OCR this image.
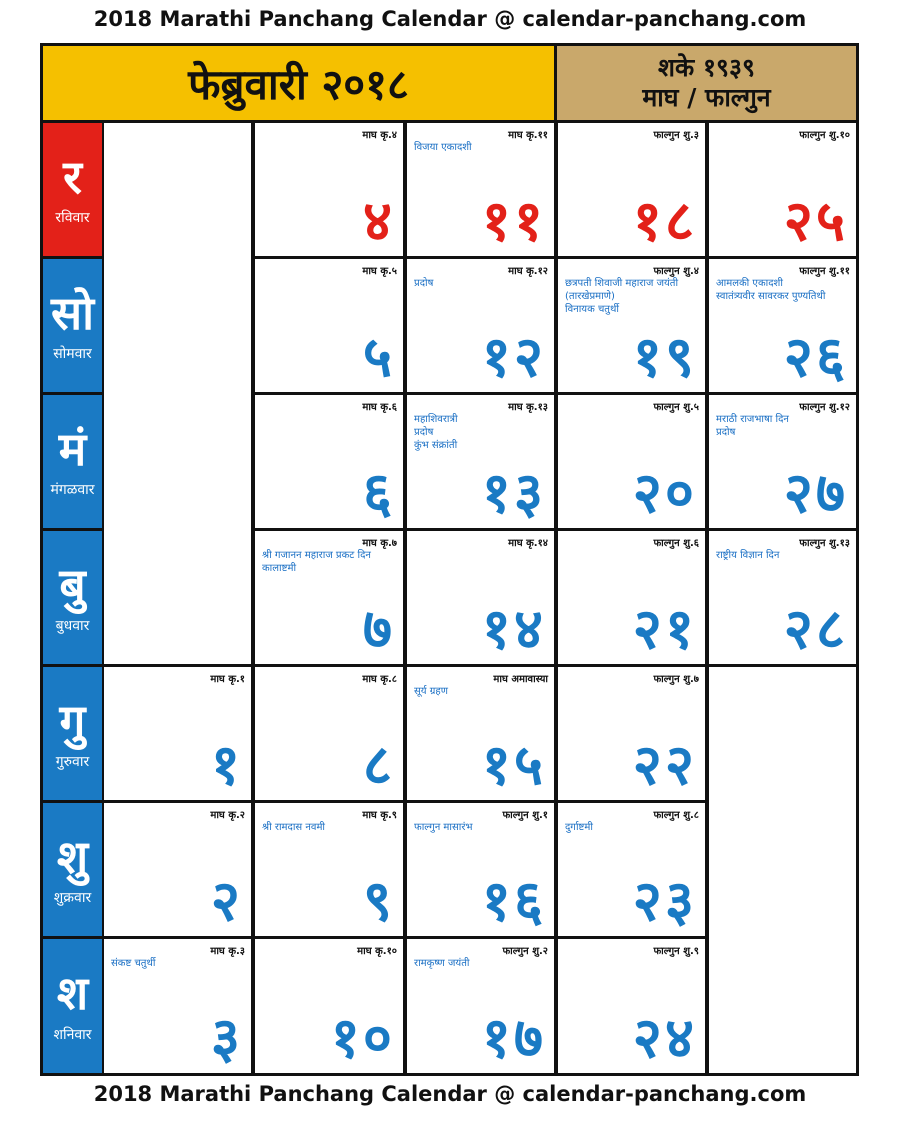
2018 Marathi Panchang Calendar @ calendar-panchang.com
फेब्रुवारी २०१८	शके १९३९
माघ / फाल्गुन
र
रविवार
सो
सोमवार
मं
मंगळवार
बु
बुधवार
गु
गुरुवार
शु
शुक्रवार
श
शनिवार
माघ कृ.४
४
माघ कृ.११
विजया एकादशी
११
फाल्गुन शु.३
१८
फाल्गुन शु.१०
२५
माघ कृ.५
५
माघ कृ.१२
प्रदोष
१२
फाल्गुन शु.४
छत्रपती शिवाजी महाराज जयंती
(तारखेप्रमाणे)
विनायक चतुर्थी
१९
फाल्गुन शु.११
आमलकी एकादशी
स्वातंत्र्यवीर सावरकर पुण्यतिथी
२६
माघ कृ.६
६
माघ कृ.१३
महाशिवरात्री
प्रदोष
कुंभ संक्रांती
१३
फाल्गुन शु.५
२०
फाल्गुन शु.१२
मराठी राजभाषा दिन
प्रदोष
२७
माघ कृ.७
श्री गजानन महाराज प्रकट दिन
कालाष्टमी
७
माघ कृ.१४
१४
फाल्गुन शु.६
२१
फाल्गुन शु.१३
राष्ट्रीय विज्ञान दिन
२८
माघ कृ.१
१
माघ कृ.८
८
माघ अमावास्या
सूर्य ग्रहण
१५
फाल्गुन शु.७
२२
माघ कृ.२
२
माघ कृ.९
श्री रामदास नवमी
९
फाल्गुन शु.१
फाल्गुन मासारंभ
१६
फाल्गुन शु.८
दुर्गाष्टमी
२३
माघ कृ.३
संकष्ट चतुर्थी
३
माघ कृ.१०
१०
फाल्गुन शु.२
रामकृष्ण जयंती
१७
फाल्गुन शु.९
२४
2018 Marathi Panchang Calendar @ calendar-panchang.com
